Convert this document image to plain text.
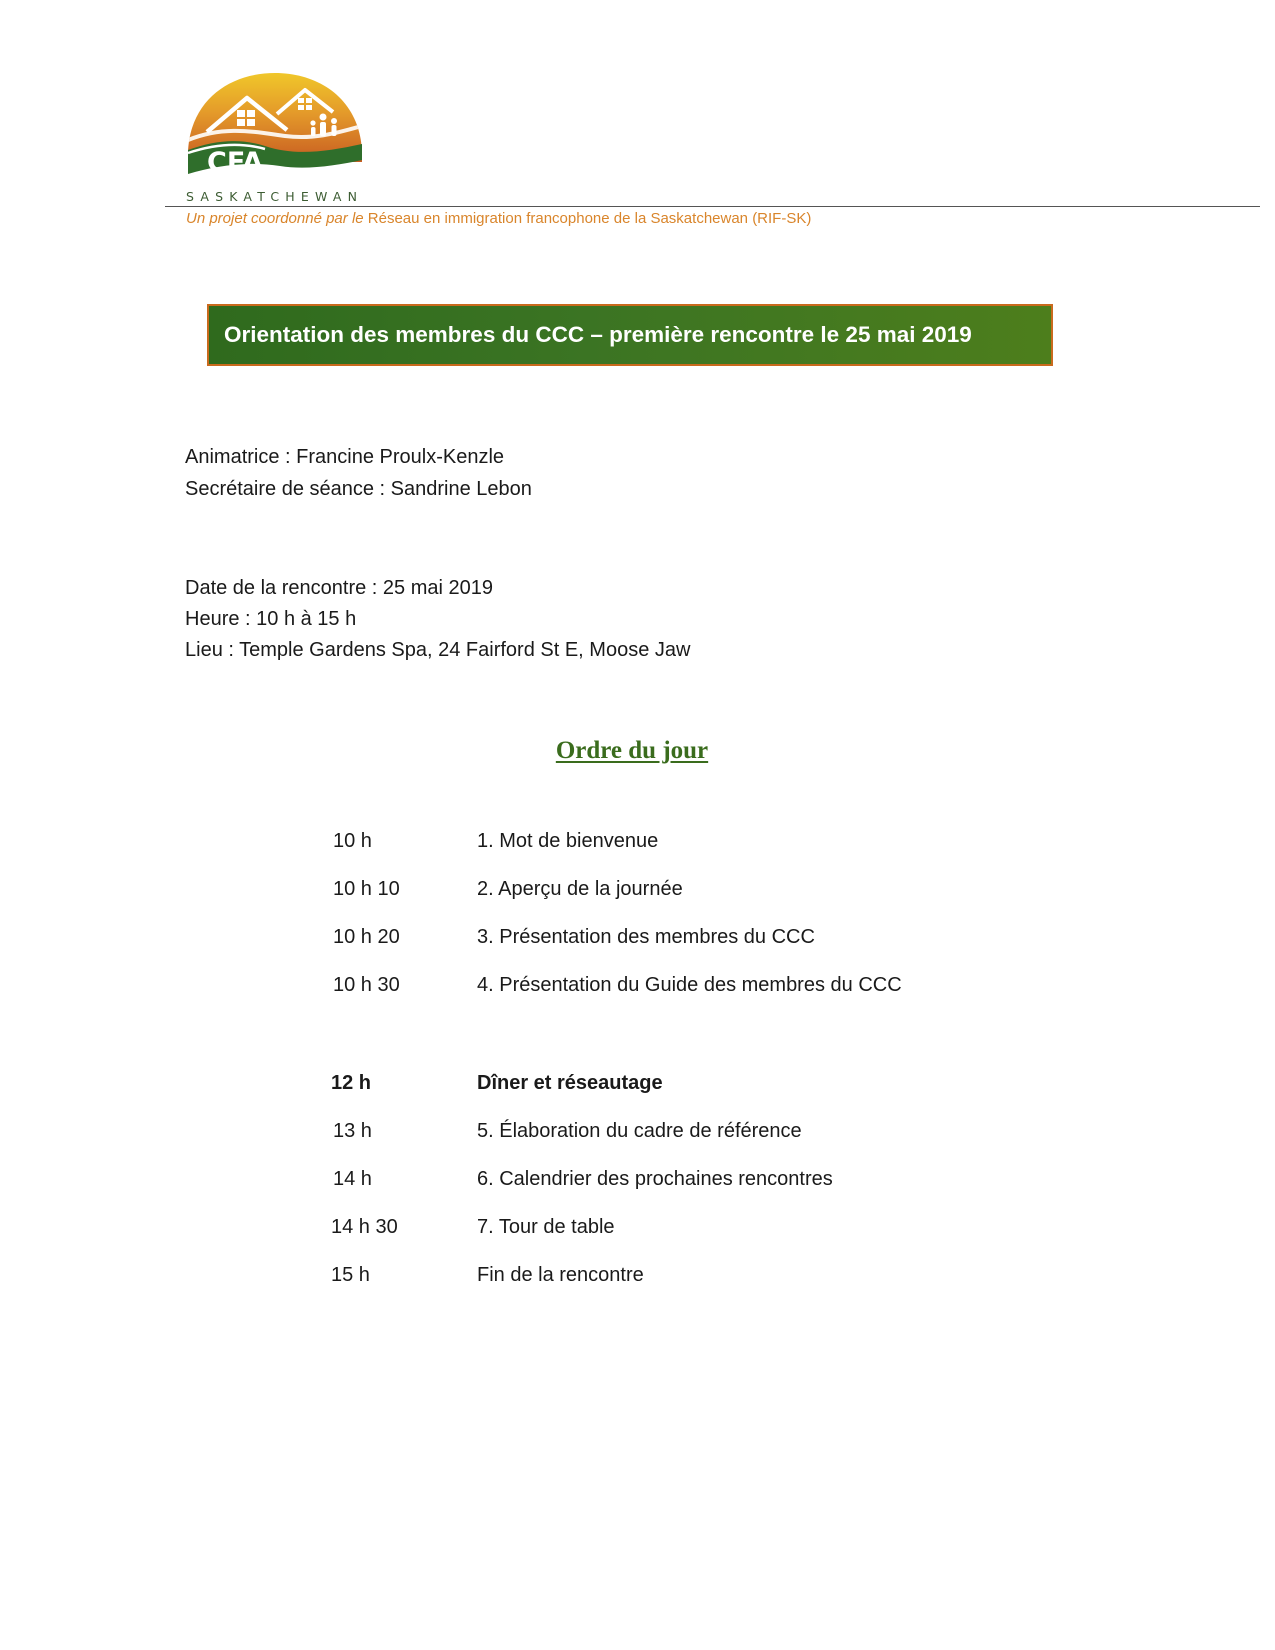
CFA
SASKATCHEWAN
Un projet coordonné par le Réseau en immigration francophone de la Saskatchewan (RIF-SK)
Orientation des membres du CCC – première rencontre le 25 mai 2019
Animatrice : Francine Proulx-Kenzle
Secrétaire de séance : Sandrine Lebon
Date de la rencontre : 25 mai 2019
Heure : 10 h à 15 h
Lieu : Temple Gardens Spa, 24 Fairford St E, Moose Jaw
Ordre du jour
10 h	1. Mot de bienvenue
10 h 10	2. Aperçu de la journée
10 h 20	3. Présentation des membres du CCC
10 h 30	4. Présentation du Guide des membres du CCC
12 h	Dîner et réseautage
13 h	5. Élaboration du cadre de référence
14 h	6. Calendrier des prochaines rencontres
14 h 30	7. Tour de table
15 h	Fin de la rencontre
